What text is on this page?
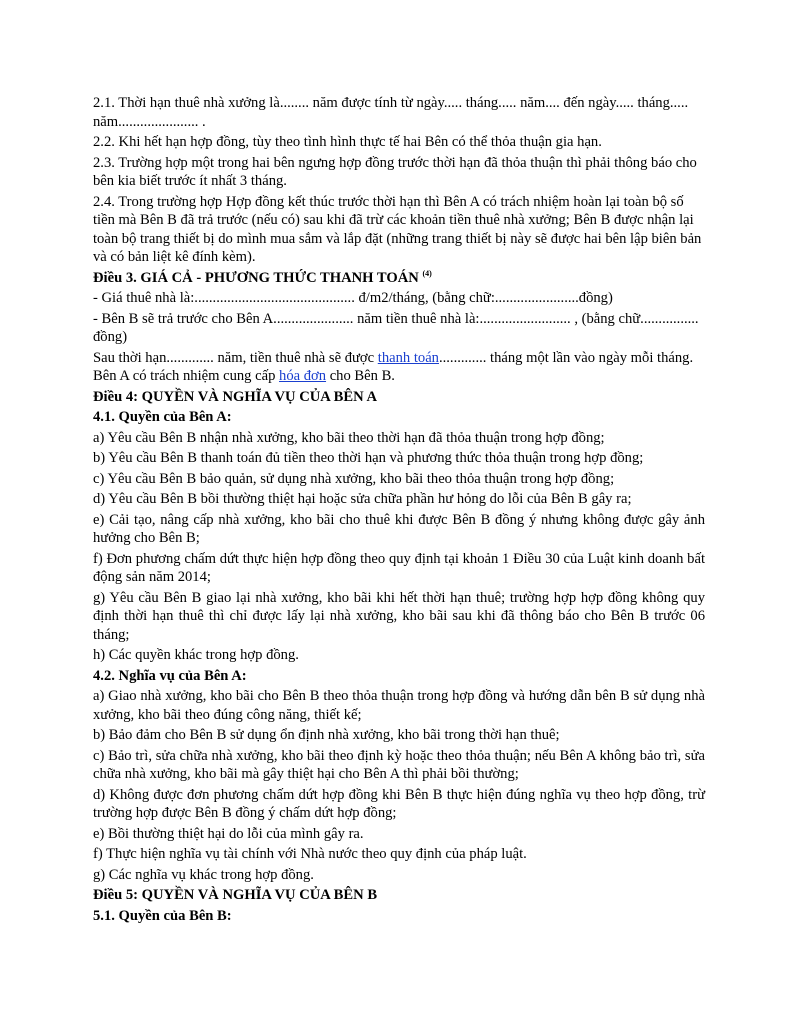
2.1. Thời hạn thuê nhà xưởng là........ năm được tính từ ngày..... tháng..... năm.... đến ngày..... tháng..... năm...................... .

2.2. Khi hết hạn hợp đồng, tùy theo tình hình thực tế hai Bên có thể thỏa thuận gia hạn.

2.3. Trường hợp một trong hai bên ngưng hợp đồng trước thời hạn đã thỏa thuận thì phải thông báo cho bên kia biết trước ít nhất 3 tháng.

2.4. Trong trường hợp Hợp đồng kết thúc trước thời hạn thì Bên A có trách nhiệm hoàn lại toàn bộ số tiền mà Bên B đã trả trước (nếu có) sau khi đã trừ các khoản tiền thuê nhà xưởng; Bên B được nhận lại toàn bộ trang thiết bị do mình mua sắm và lắp đặt (những trang thiết bị này sẽ được hai bên lập biên bản và có bản liệt kê đính kèm).

Điều 3. GIÁ CẢ - PHƯƠNG THỨC THANH TOÁN $^{(4)}$

- Giá thuê nhà là:............................................ đ/m2/tháng, (bằng chữ:.......................đồng)

- Bên B sẽ trả trước cho Bên A...................... năm tiền thuê nhà là:......................... , (bằng chữ................ đồng)

Sau thời hạn............. năm, tiền thuê nhà sẽ được thanh toán............. tháng một lần vào ngày mỗi tháng. Bên A có trách nhiệm cung cấp hóa đơn cho Bên B.

Điều 4: QUYỀN VÀ NGHĨA VỤ CỦA BÊN A
4.1. Quyền của Bên A:

a) Yêu cầu Bên B nhận nhà xưởng, kho bãi theo thời hạn đã thỏa thuận trong hợp đồng;

b) Yêu cầu Bên B thanh toán đủ tiền theo thời hạn và phương thức thỏa thuận trong hợp đồng;

c) Yêu cầu Bên B bảo quản, sử dụng nhà xưởng, kho bãi theo thỏa thuận trong hợp đồng;

d) Yêu cầu Bên B bồi thường thiệt hại hoặc sửa chữa phần hư hỏng do lỗi của Bên B gây ra;

e) Cải tạo, nâng cấp nhà xưởng, kho bãi cho thuê khi được Bên B đồng ý nhưng không được gây ảnh hưởng cho Bên B;

f) Đơn phương chấm dứt thực hiện hợp đồng theo quy định tại khoản 1 Điều 30 của Luật kinh doanh bất động sản năm 2014;

g) Yêu cầu Bên B giao lại nhà xưởng, kho bãi khi hết thời hạn thuê; trường hợp hợp đồng không quy định thời hạn thuê thì chỉ được lấy lại nhà xưởng, kho bãi sau khi đã thông báo cho Bên B trước 06 tháng;

h) Các quyền khác trong hợp đồng.

4.2. Nghĩa vụ của Bên A:

a) Giao nhà xưởng, kho bãi cho Bên B theo thỏa thuận trong hợp đồng và hướng dẫn bên B sử dụng nhà xưởng, kho bãi theo đúng công năng, thiết kế;

b) Bảo đảm cho Bên B sử dụng ổn định nhà xưởng, kho bãi trong thời hạn thuê;

c) Bảo trì, sửa chữa nhà xưởng, kho bãi theo định kỳ hoặc theo thỏa thuận; nếu Bên A không bảo trì, sửa chữa nhà xưởng, kho bãi mà gây thiệt hại cho Bên A thì phải bồi thường;

d) Không được đơn phương chấm dứt hợp đồng khi Bên B thực hiện đúng nghĩa vụ theo hợp đồng, trừ trường hợp được Bên B đồng ý chấm dứt hợp đồng;

e) Bồi thường thiệt hại do lỗi của mình gây ra.

f) Thực hiện nghĩa vụ tài chính với Nhà nước theo quy định của pháp luật.

g) Các nghĩa vụ khác trong hợp đồng.

Điều 5: QUYỀN VÀ NGHĨA VỤ CỦA BÊN B
5.1. Quyền của Bên B:
